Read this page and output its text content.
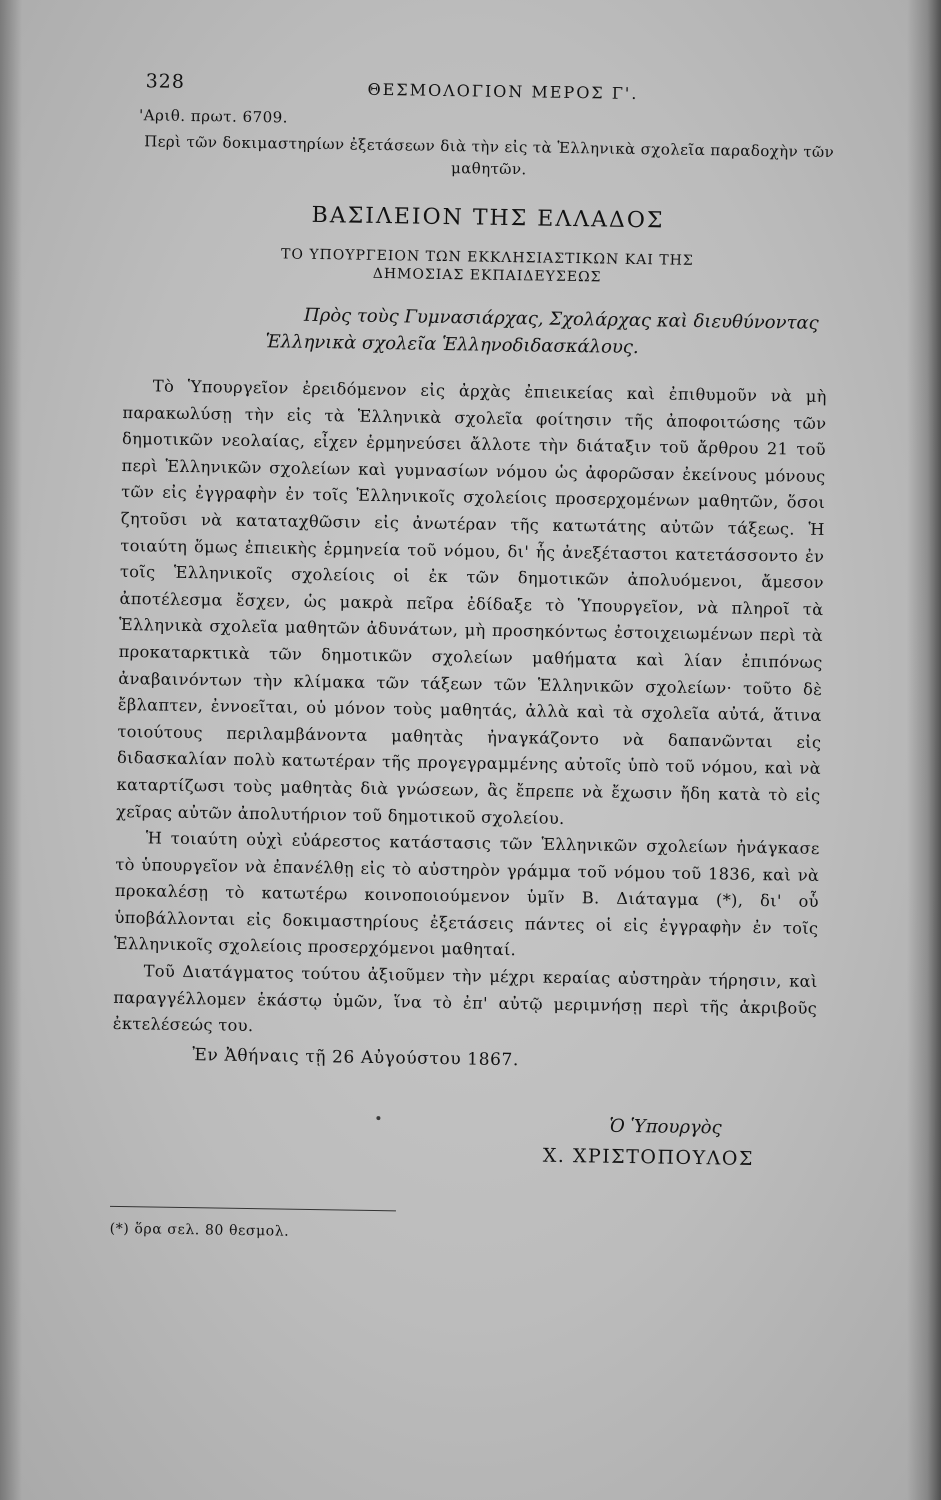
328	ΘΕΣΜΟΛΟΓΙΟΝ ΜΕΡΟΣ Γ'.
'Αριθ. πρωτ. 6709.
Περὶ τῶν δοκιμαστηρίων ἐξετάσεων διὰ τὴν εἰς τὰ Ἑλληνικὰ σχολεῖα παραδοχὴν τῶν μαθητῶν.
ΒΑΣΙΛΕΙΟΝ ΤΗΣ ΕΛΛΑΔΟΣ
ΤΟ ΥΠΟΥΡΓΕΙΟΝ ΤΩΝ ΕΚΚΛΗΣΙΑΣΤΙΚΩΝ ΚΑΙ ΤΗΣ
ΔΗΜΟΣΙΑΣ ΕΚΠΑΙΔΕΥΣΕΩΣ
Πρὸς τοὺς Γυμνασιάρχας, Σχολάρχας καὶ διευθύνοντας
Ἑλληνικὰ σχολεῖα Ἑλληνοδιδασκάλους.

Τὸ Ὑπουργεῖον ἐρειδόμενον εἰς ἀρχὰς ἐπιεικείας καὶ ἐπιθυμοῦν νὰ μὴ παρακωλύσῃ τὴν εἰς τὰ Ἑλληνικὰ σχολεῖα φοίτησιν τῆς ἀποφοιτώσης τῶν δημοτικῶν νεολαίας, εἶχεν ἑρμηνεύσει ἄλλοτε τὴν διάταξιν τοῦ ἄρθρου 21 τοῦ περὶ Ἑλληνικῶν σχολείων καὶ γυμνασίων νόμου ὡς ἀφορῶσαν ἐκείνους μόνους τῶν εἰς ἐγγραφὴν ἐν τοῖς Ἑλληνικοῖς σχολείοις προσερχομένων μαθητῶν, ὅσοι ζητοῦσι νὰ καταταχθῶσιν εἰς ἀνωτέραν τῆς κατωτάτης αὐτῶν τάξεως. Ἡ τοιαύτη ὅμως ἐπιεικὴς ἑρμηνεία τοῦ νόμου, δι' ἧς ἀνεξέταστοι κατετάσσοντο ἐν τοῖς Ἑλληνικοῖς σχολείοις οἱ ἐκ τῶν δημοτικῶν ἀπολυόμενοι, ἄμεσον ἀποτέλεσμα ἔσχεν, ὡς μακρὰ πεῖρα ἐδίδαξε τὸ Ὑπουργεῖον, νὰ πληροῖ τὰ Ἑλληνικὰ σχολεῖα μαθητῶν ἀδυνάτων, μὴ προσηκόντως ἐστοιχειωμένων περὶ τὰ προκαταρκτικὰ τῶν δημοτικῶν σχολείων μαθήματα καὶ λίαν ἐπιπόνως ἀναβαινόντων τὴν κλίμακα τῶν τάξεων τῶν Ἑλληνικῶν σχολείων· τοῦτο δὲ ἔβλαπτεν, ἐννοεῖται, οὐ μόνον τοὺς μαθητάς, ἀλλὰ καὶ τὰ σχολεῖα αὐτά, ἅτινα τοιούτους περιλαμβάνοντα μαθητὰς ἠναγκάζοντο νὰ δαπανῶνται εἰς διδασκαλίαν πολὺ κατωτέραν τῆς προγεγραμμένης αὐτοῖς ὑπὸ τοῦ νόμου, καὶ νὰ καταρτίζωσι τοὺς μαθητὰς διὰ γνώσεων, ἃς ἔπρεπε νὰ ἔχωσιν ἤδη κατὰ τὸ εἰς χεῖρας αὐτῶν ἀπολυτήριον τοῦ δημοτικοῦ σχολείου.

Ἡ τοιαύτη οὐχὶ εὐάρεστος κατάστασις τῶν Ἑλληνικῶν σχολείων ἠνάγκασε τὸ ὑπουργεῖον νὰ ἐπανέλθῃ εἰς τὸ αὐστηρὸν γράμμα τοῦ νόμου τοῦ 1836, καὶ νὰ προκαλέσῃ τὸ κατωτέρω κοινοποιούμενον ὑμῖν Β. Διάταγμα (*), δι' οὗ ὑποβάλλονται εἰς δοκιμαστηρίους ἐξετάσεις πάντες οἱ εἰς ἐγγραφὴν ἐν τοῖς Ἑλληνικοῖς σχολείοις προσερχόμενοι μαθηταί.

Τοῦ Διατάγματος τούτου ἀξιοῦμεν τὴν μέχρι κεραίας αὐστηρὰν τήρησιν, καὶ παραγγέλλομεν ἑκάστῳ ὑμῶν, ἵνα τὸ ἐπ' αὐτῷ μεριμνήσῃ περὶ τῆς ἀκριβοῦς ἐκτελέσεώς του.

Ἐν Ἀθήναις τῇ 26 Αὐγούστου 1867.
Ὁ Ὑπουργὸς
Χ. ΧΡΙΣΤΟΠΟΥΛΟΣ
(*) ὅρα σελ. 80 θεσμολ.
